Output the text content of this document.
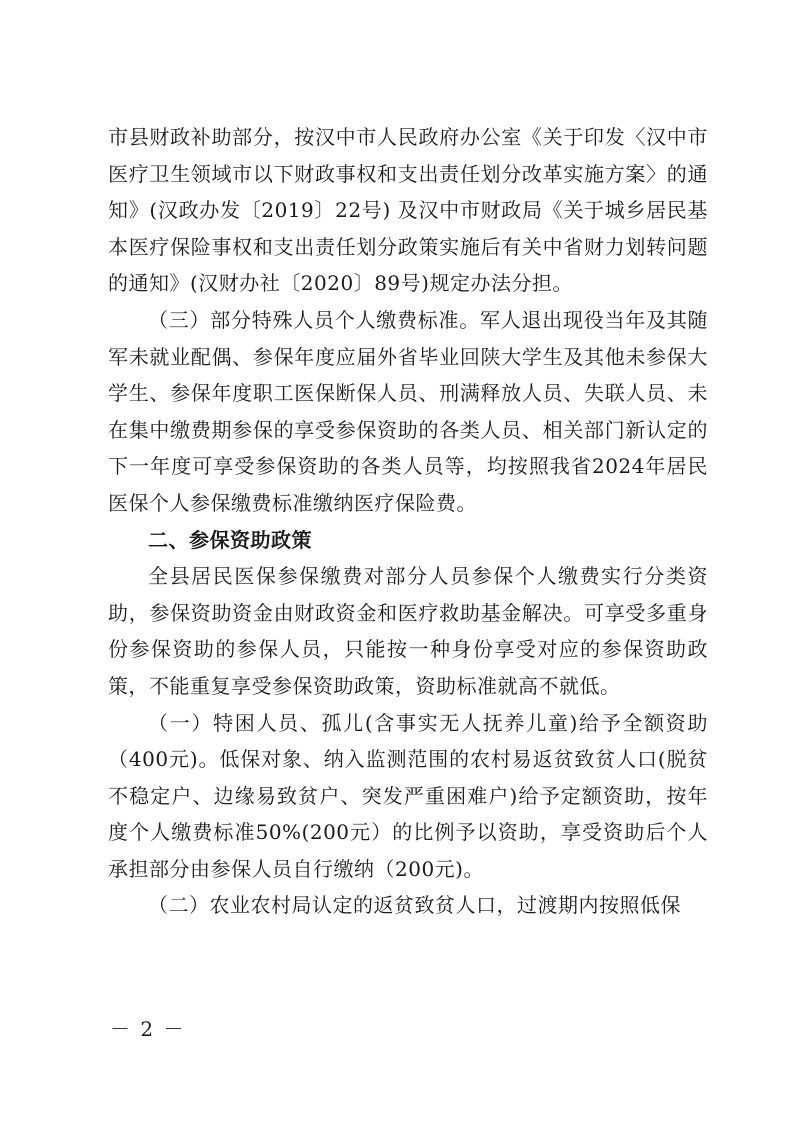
市县财政补助部分，按汉中市人民政府办公室《关于印发〈汉中市医疗卫生领域市以下财政事权和支出责任划分改革实施方案〉的通知》(汉政办发〔2019〕22号) 及汉中市财政局《关于城乡居民基本医疗保险事权和支出责任划分政策实施后有关中省财力划转问题的通知》(汉财办社〔2020〕89号)规定办法分担。

（三）部分特殊人员个人缴费标准。军人退出现役当年及其随军未就业配偶、参保年度应届外省毕业回陕大学生及其他未参保大学生、参保年度职工医保断保人员、刑满释放人员、失联人员、未在集中缴费期参保的享受参保资助的各类人员、相关部门新认定的下一年度可享受参保资助的各类人员等，均按照我省2024年居民医保个人参保缴费标准缴纳医疗保险费。

二、参保资助政策

全县居民医保参保缴费对部分人员参保个人缴费实行分类资助，参保资助资金由财政资金和医疗救助基金解决。可享受多重身份参保资助的参保人员，只能按一种身份享受对应的参保资助政策，不能重复享受参保资助政策，资助标准就高不就低。

（一）特困人员、孤儿(含事实无人抚养儿童)给予全额资助（400元)。低保对象、纳入监测范围的农村易返贫致贫人口(脱贫不稳定户、边缘易致贫户、突发严重困难户)给予定额资助，按年度个人缴费标准50%(200元）的比例予以资助，享受资助后个人承担部分由参保人员自行缴纳（200元)。

（二）农业农村局认定的返贫致贫人口，过渡期内按照低保

－ 2 －
